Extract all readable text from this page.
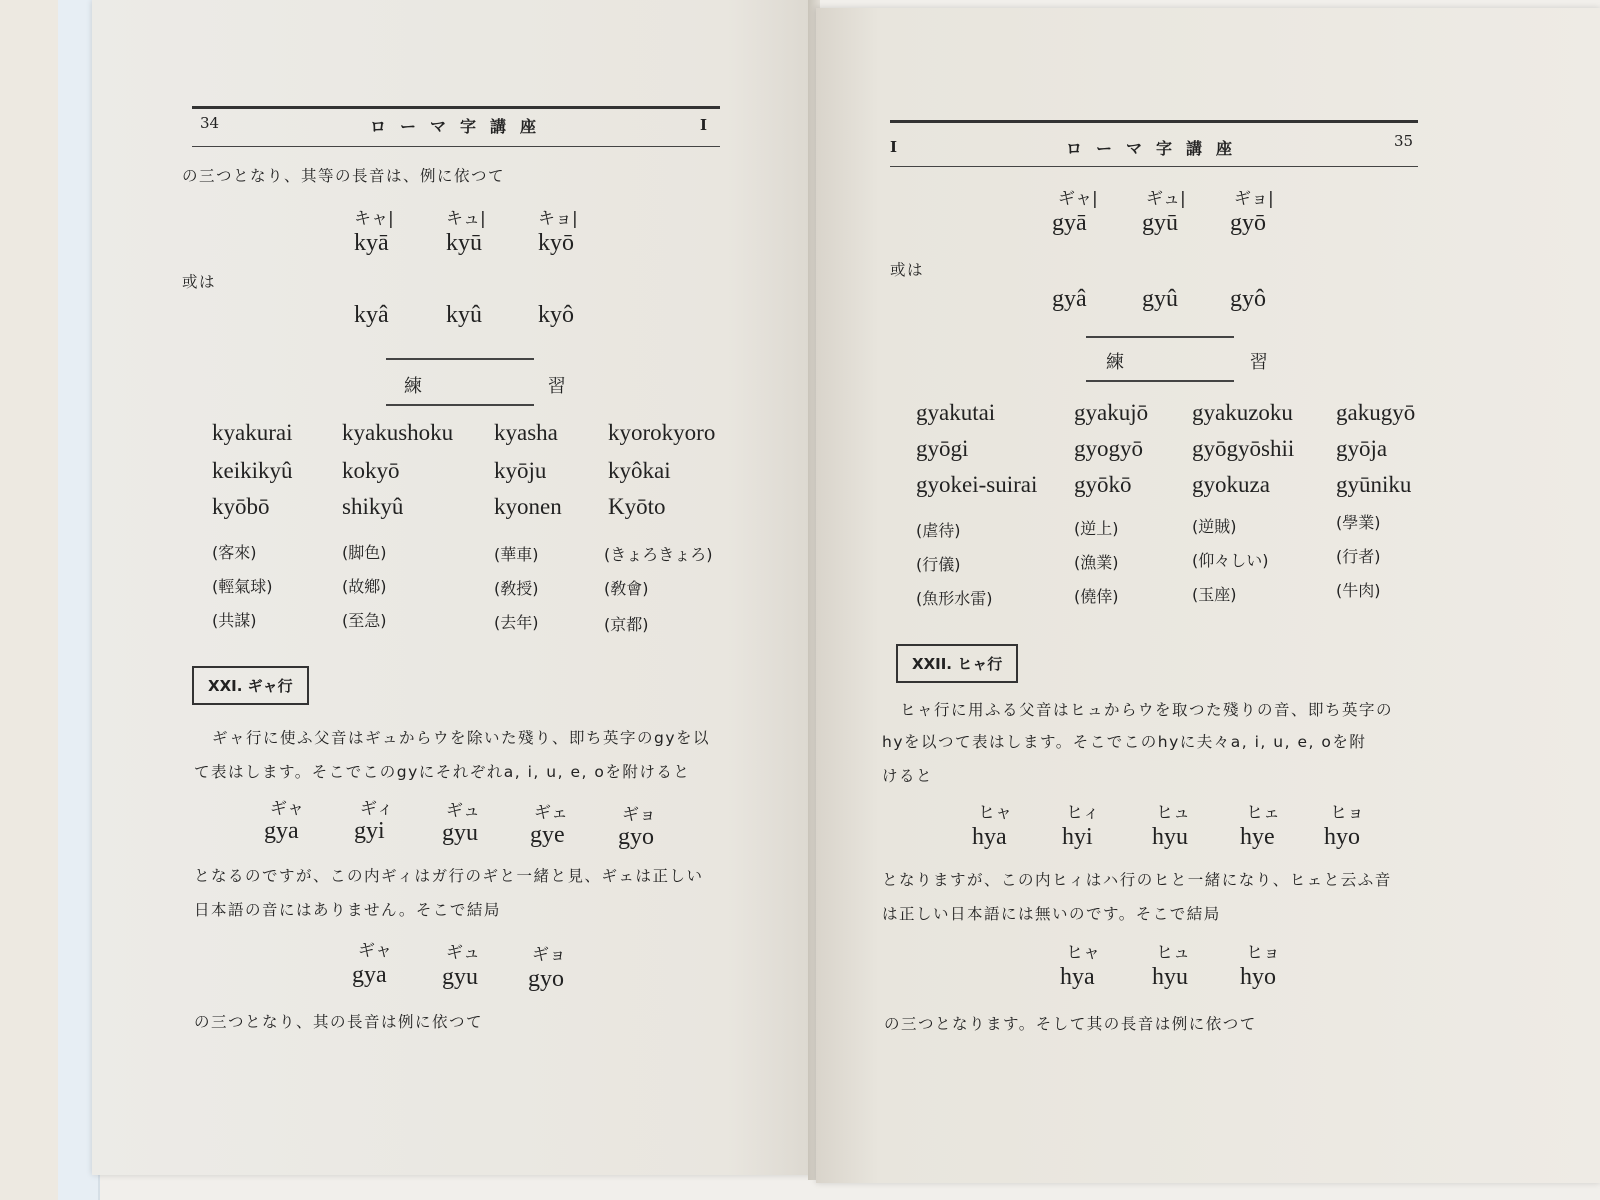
34	ローマ字講座	I
の三つとなり、其等の長音は、例に依つて
キャ|	キュ|	キョ|
kyā kyū kyō
或は
kyâ kyû kyô
練 習
kyakurai kyakushoku kyasha kyorokyoro
keikikyû kokyō	kyōju	kyôkai
kyōbō	shikyû	kyonen Kyōto
(客來)	(脚色)	(華車)	(きょろきょろ)
(輕氣球)	(故鄕)	(敎授)	(敎會)
(共謀)	(至急)	(去年)	(京都)
XXI. ギャ行
ギャ行に使ふ父音はギュからウを除いた殘り、即ち英字のgyを以
て表はします。そこでこのgyにそれぞれa, i, u, e, oを附けると
ギャ	ギィ	ギュ	ギェ	ギョ
gya gyi gyu gye gyo
となるのですが、この内ギィはガ行のギと一緒と見、ギェは正しい
日本語の音にはありません。そこで結局
ギャ	ギュ	ギョ
gya gyu gyo
の三つとなり、其の長音は例に依つて
I	ローマ字講座	35
ギャ|	ギュ|	ギョ|
gyā gyū gyō
或は
gyâ gyû gyô
練 習
gyakutai	gyakujō gyakuzoku gakugyō
gyōgi	gyogyō gyōgyōshii gyōja
gyokei-suirai gyōkō	gyokuza	gyūniku
(虐待)	(逆上)	(逆賊)	(學業)
(行儀)	(漁業)	(仰々しい)	(行者)
(魚形水雷)	(僥倖)	(玉座)	(牛肉)
XXII. ヒャ行
ヒャ行に用ふる父音はヒュからウを取つた殘りの音、即ち英字の
hyを以つて表はします。そこでこのhyに夫々a, i, u, e, oを附
けると
ヒャ	ヒィ	ヒュ	ヒェ	ヒョ
hya hyi hyu hye hyo
となりますが、この内ヒィはハ行のヒと一緒になり、ヒェと云ふ音
は正しい日本語には無いのです。そこで結局
ヒャ	ヒュ	ヒョ
hya hyu hyo
の三つとなります。そして其の長音は例に依つて
